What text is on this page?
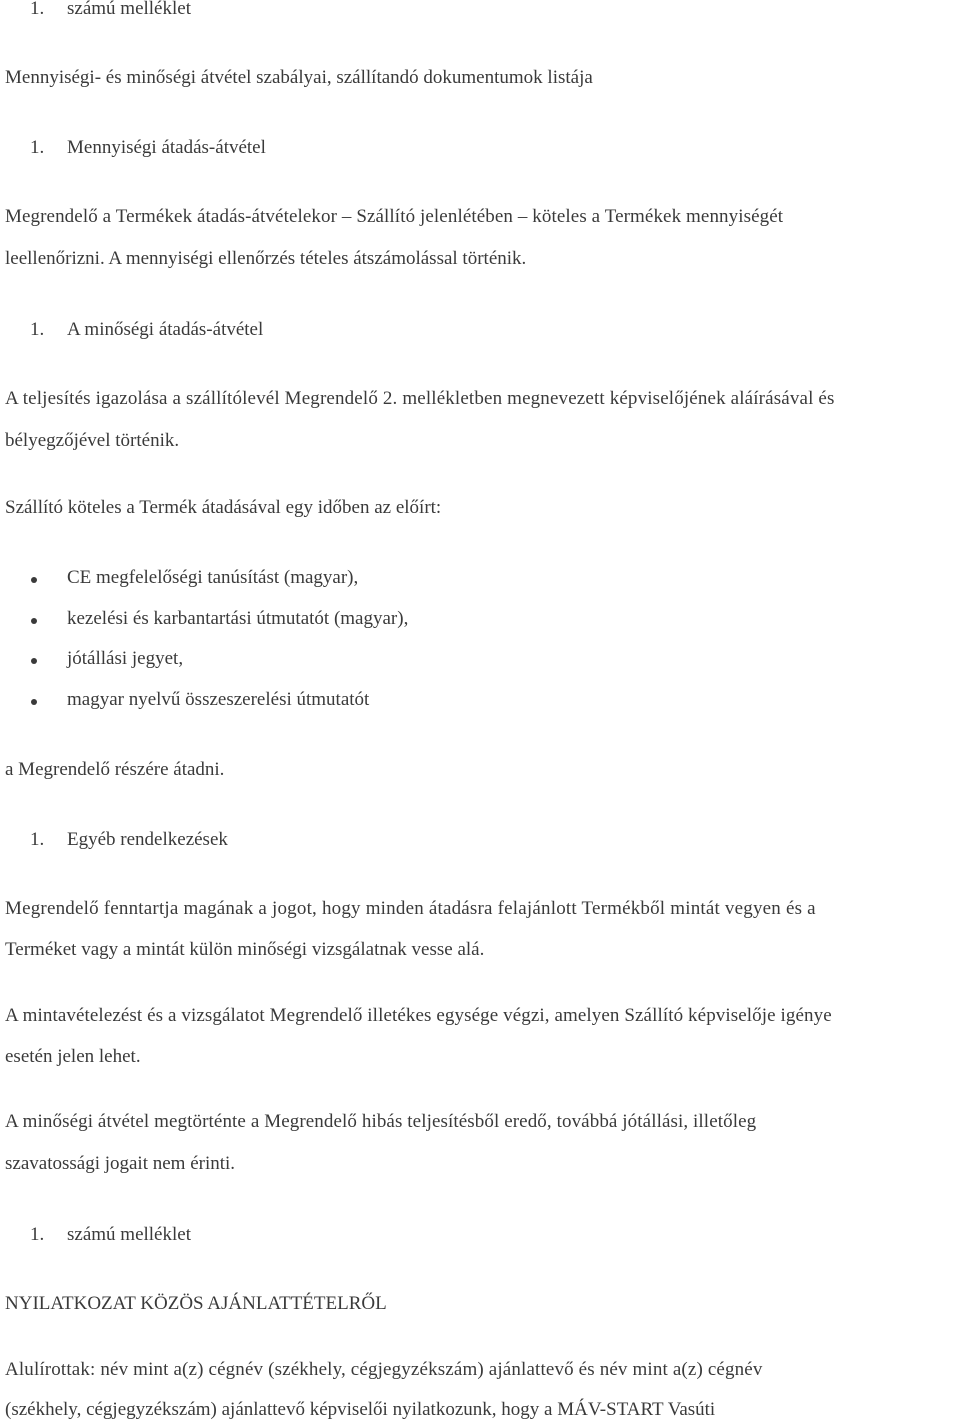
1. számú melléklet
Mennyiségi- és minőségi átvétel szabályai, szállítandó dokumentumok listája
1. Mennyiségi átadás-átvétel
Megrendelő a Termékek átadás-átvételekor – Szállító jelenlétében – köteles a Termékek mennyiségét
leellenőrizni. A mennyiségi ellenőrzés tételes átszámolással történik.
1. A minőségi átadás-átvétel
A teljesítés igazolása a szállítólevél Megrendelő 2. mellékletben megnevezett képviselőjének aláírásával és
bélyegzőjével történik.
Szállító köteles a Termék átadásával egy időben az előírt:
CE megfelelőségi tanúsítást (magyar),
kezelési és karbantartási útmutatót (magyar),
jótállási jegyet,
magyar nyelvű összeszerelési útmutatót
a Megrendelő részére átadni.
1. Egyéb rendelkezések
Megrendelő fenntartja magának a jogot, hogy minden átadásra felajánlott Termékből mintát vegyen és a
Terméket vagy a mintát külön minőségi vizsgálatnak vesse alá.
A mintavételezést és a vizsgálatot Megrendelő illetékes egysége végzi, amelyen Szállító képviselője igénye
esetén jelen lehet.
A minőségi átvétel megtörténte a Megrendelő hibás teljesítésből eredő, továbbá jótállási, illetőleg
szavatossági jogait nem érinti.
1. számú melléklet
NYILATKOZAT KÖZÖS AJÁNLATTÉTELRŐL
Alulírottak: név mint a(z) cégnév (székhely, cégjegyzékszám) ajánlattevő és név mint a(z) cégnév
(székhely, cégjegyzékszám) ajánlattevő képviselői nyilatkozunk, hogy a MÁV-START Vasúti
